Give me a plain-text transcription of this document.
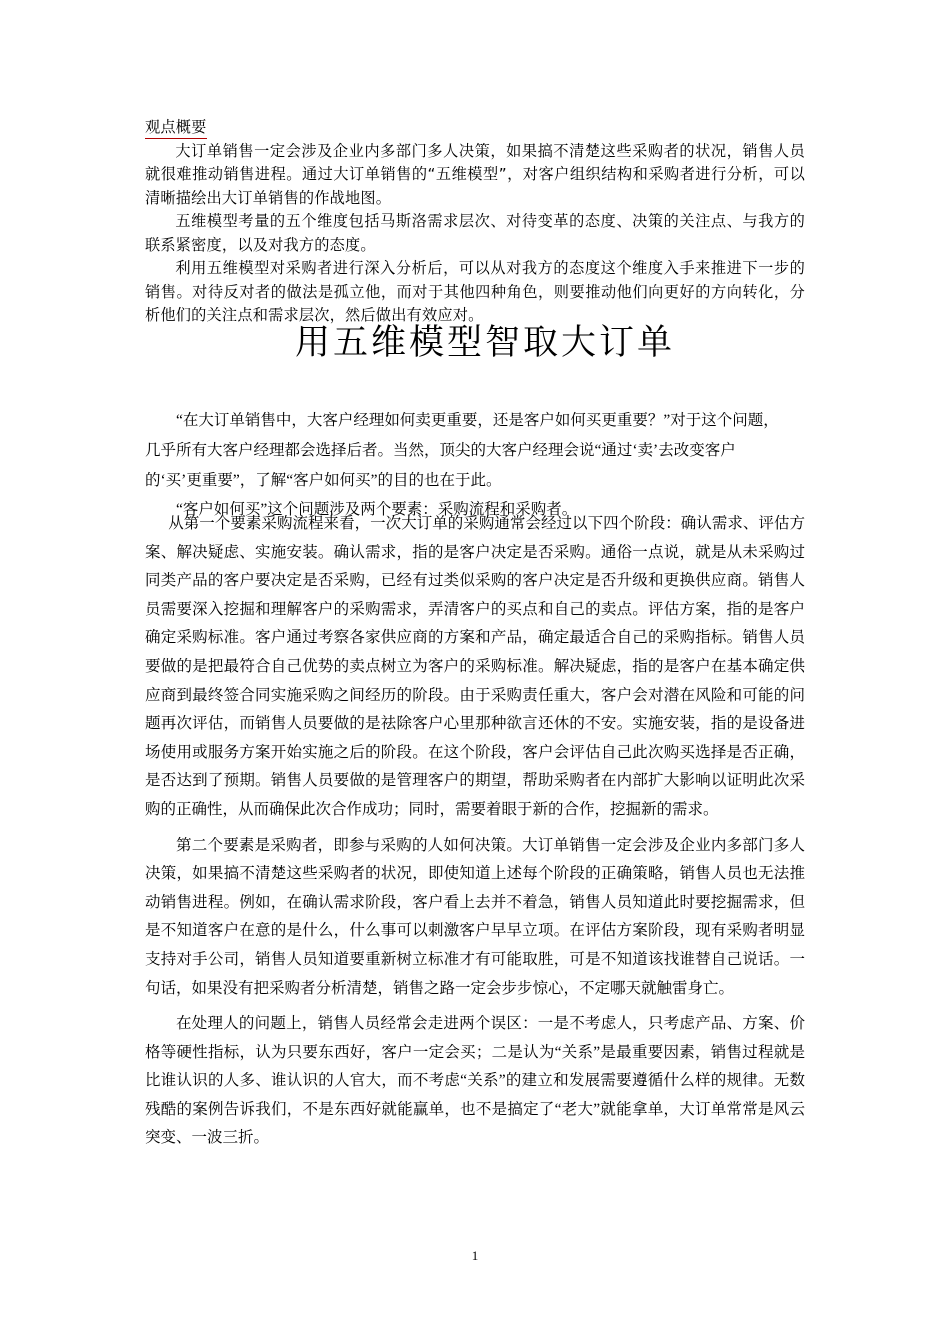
观点概要

大订单销售一定会涉及企业内多部门多人决策，如果搞不清楚这些采购者的状况，销售人员就很难推动销售进程。通过大订单销售的“五维模型”，对客户组织结构和采购者进行分析，可以清晰描绘出大订单销售的作战地图。

五维模型考量的五个维度包括马斯洛需求层次、对待变革的态度、决策的关注点、与我方的联系紧密度，以及对我方的态度。

利用五维模型对采购者进行深入分析后，可以从对我方的态度这个维度入手来推进下一步的销售。对待反对者的做法是孤立他，而对于其他四种角色，则要推动他们向更好的方向转化，分析他们的关注点和需求层次，然后做出有效应对。

用五维模型智取大订单

“在大订单销售中，大客户经理如何卖更重要，还是客户如何买更重要？”对于这个问题，几乎所有大客户经理都会选择后者。当然，顶尖的大客户经理会说“通过‘卖’去改变客户的‘买’更重要”，了解“客户如何买”的目的也在于此。

“客户如何买”这个问题涉及两个要素：采购流程和采购者。

从第一个要素采购流程来看，一次大订单的采购通常会经过以下四个阶段：确认需求、评估方案、解决疑虑、实施安装。确认需求，指的是客户决定是否采购。通俗一点说，就是从未采购过同类产品的客户要决定是否采购，已经有过类似采购的客户决定是否升级和更换供应商。销售人员需要深入挖掘和理解客户的采购需求，弄清客户的买点和自己的卖点。评估方案，指的是客户确定采购标准。客户通过考察各家供应商的方案和产品，确定最适合自己的采购指标。销售人员要做的是把最符合自己优势的卖点树立为客户的采购标准。解决疑虑，指的是客户在基本确定供应商到最终签合同实施采购之间经历的阶段。由于采购责任重大，客户会对潜在风险和可能的问题再次评估，而销售人员要做的是祛除客户心里那种欲言还休的不安。实施安装，指的是设备进场使用或服务方案开始实施之后的阶段。在这个阶段，客户会评估自己此次购买选择是否正确，是否达到了预期。销售人员要做的是管理客户的期望，帮助采购者在内部扩大影响以证明此次采购的正确性，从而确保此次合作成功；同时，需要着眼于新的合作，挖掘新的需求。

第二个要素是采购者，即参与采购的人如何决策。大订单销售一定会涉及企业内多部门多人决策，如果搞不清楚这些采购者的状况，即使知道上述每个阶段的正确策略，销售人员也无法推动销售进程。例如，在确认需求阶段，客户看上去并不着急，销售人员知道此时要挖掘需求，但是不知道客户在意的是什么，什么事可以刺激客户早早立项。在评估方案阶段，现有采购者明显支持对手公司，销售人员知道要重新树立标准才有可能取胜，可是不知道该找谁替自己说话。一句话，如果没有把采购者分析清楚，销售之路一定会步步惊心，不定哪天就触雷身亡。

在处理人的问题上，销售人员经常会走进两个误区：一是不考虑人，只考虑产品、方案、价格等硬性指标，认为只要东西好，客户一定会买；二是认为“关系”是最重要因素，销售过程就是比谁认识的人多、谁认识的人官大，而不考虑“关系”的建立和发展需要遵循什么样的规律。无数残酷的案例告诉我们，不是东西好就能赢单，也不是搞定了“老大”就能拿单，大订单常常是风云突变、一波三折。

1
